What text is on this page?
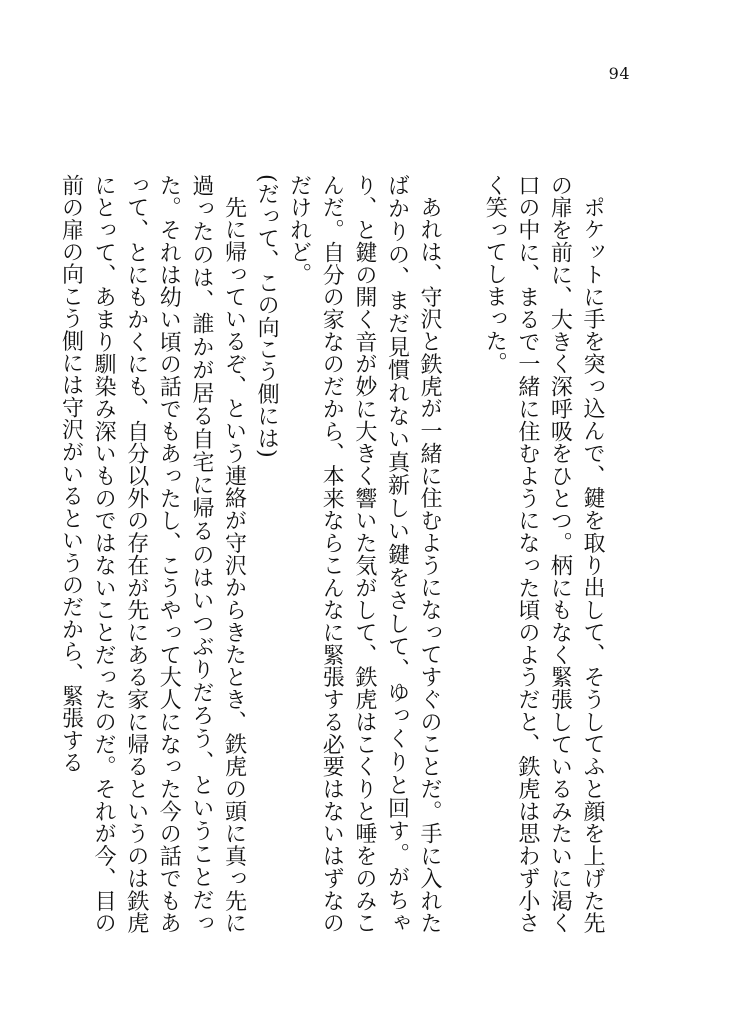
94

ポケットに手を突っ込んで、鍵を取り出して、そうしてふと顔を上げた先の扉を前に、大きく深呼吸をひとつ。柄にもなく緊張しているみたいに渇く口の中に、まるで一緒に住むようになった頃のようだと、鉄虎は思わず小さく笑ってしまった。

あれは、守沢と鉄虎が一緒に住むようになってすぐのことだ。手に入れたばかりの、まだ見慣れない真新しい鍵をさして、ゆっくりと回す。がちゃり、と鍵の開く音が妙に大きく響いた気がして、鉄虎はこくりと唾をのみこんだ。自分の家なのだから、本来ならこんなに緊張する必要はないはずなのだけれど。

(だって、この向こう側には)

先に帰っているぞ、という連絡が守沢からきたとき、鉄虎の頭に真っ先に過ったのは、誰かが居る自宅に帰るのはいつぶりだろう、ということだった。それは幼い頃の話でもあったし、こうやって大人になった今の話でもあって、とにもかくにも、自分以外の存在が先にある家に帰るというのは鉄虎にとって、あまり馴染み深いものではないことだったのだ。それが今、目の前の扉の向こう側には守沢がいるというのだから、緊張する
